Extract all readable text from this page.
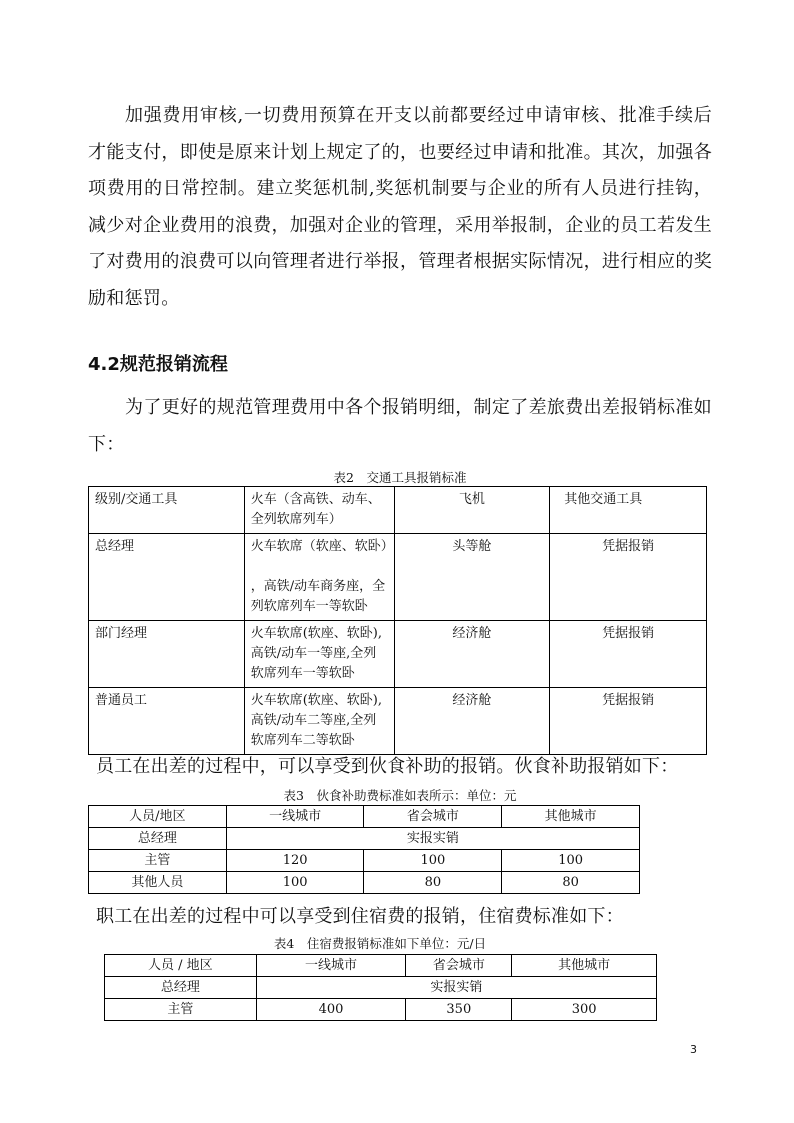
加强费用审核,一切费用预算在开支以前都要经过申请审核、批准手续后才能支付，即使是原来计划上规定了的，也要经过申请和批准。其次，加强各项费用的日常控制。建立奖惩机制,奖惩机制要与企业的所有人员进行挂钩，减少对企业费用的浪费，加强对企业的管理，采用举报制，企业的员工若发生了对费用的浪费可以向管理者进行举报，管理者根据实际情况，进行相应的奖励和惩罚。

4.2规范报销流程

为了更好的规范管理费用中各个报销明细，制定了差旅费出差报销标准如下：

表2　交通工具报销标准

级别/交通工具	火车（含高铁、动车、全列软席列车）	飞机	其他交通工具
总经理	火车软席（软座、软卧）
，高铁/动车商务座，全列软席列车一等软卧	头等舱	凭据报销
部门经理	火车软席(软座、软卧),高铁/动车一等座,全列软席列车一等软卧	经济舱	凭据报销
普通员工	火车软席(软座、软卧),高铁/动车二等座,全列软席列车二等软卧	经济舱	凭据报销

员工在出差的过程中，可以享受到伙食补助的报销。伙食补助报销如下：

表3　伙食补助费标准如表所示：单位：元

人员/地区	一线城市	省会城市	其他城市
总经理	实报实销		
主管	120	100	100
其他人员	100	80	80

职工在出差的过程中可以享受到住宿费的报销，住宿费标准如下：

表4　住宿费报销标准如下单位：元/日

人员 / 地区	一线城市	省会城市	其他城市
总经理	实报实销		
主管	400	350	300
3
